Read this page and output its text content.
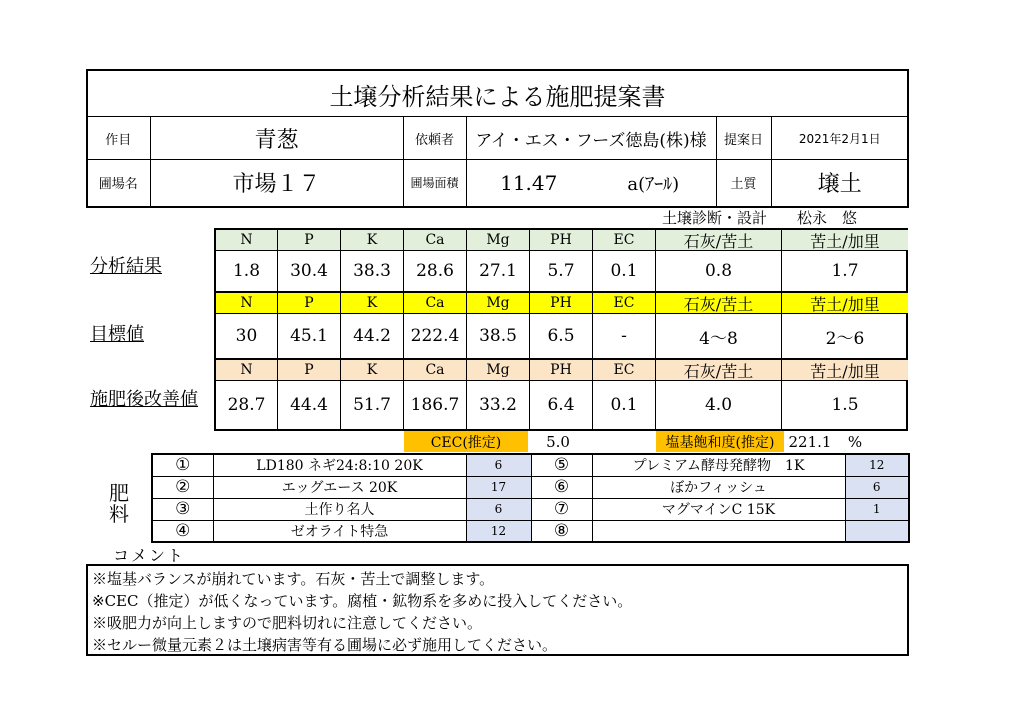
土壌分析結果による施肥提案書
作目	青葱	依頼者	アイ・エス・フーズ徳島(株)様	提案日	2021年2月1日
圃場名	市場１７	圃場面積	11.47 a(ｱｰﾙ)	土質	壌土
土壌診断・設計　　松永　悠
分析結果
目標値
施肥後改善値
N	P	K	Ca	Mg	PH	EC	石灰/苦土	苦土/加里
1.8	30.4	38.3	28.6	27.1	5.7	0.1	0.8	1.7
N	P	K	Ca	Mg	PH	EC	石灰/苦土	苦土/加里
30	45.1	44.2	222.4	38.5	6.5	-	4〜8	2〜6
N	P	K	Ca	Mg	PH	EC	石灰/苦土	苦土/加里
28.7	44.4	51.7	186.7	33.2	6.4	0.1	4.0	1.5
CEC(推定)	5.0	塩基飽和度(推定) 221.1	%
肥
料
①	LD180 ネギ24:8:10 20K	6	⑤	プレミアム酵母発酵物　1K	12
②	エッグエース 20K	17	⑥	ぼかフィッシュ	6
③	土作り名人	6	⑦	マグマインC 15K	1
④	ゼオライト特急	12	⑧		
コメント
※塩基バランスが崩れています。石灰・苦土で調整します。
※CEC（推定）が低くなっています。腐植・鉱物系を多めに投入してください。
※吸肥力が向上しますので肥料切れに注意してください。
※セルー微量元素２は土壌病害等有る圃場に必ず施用してください。
